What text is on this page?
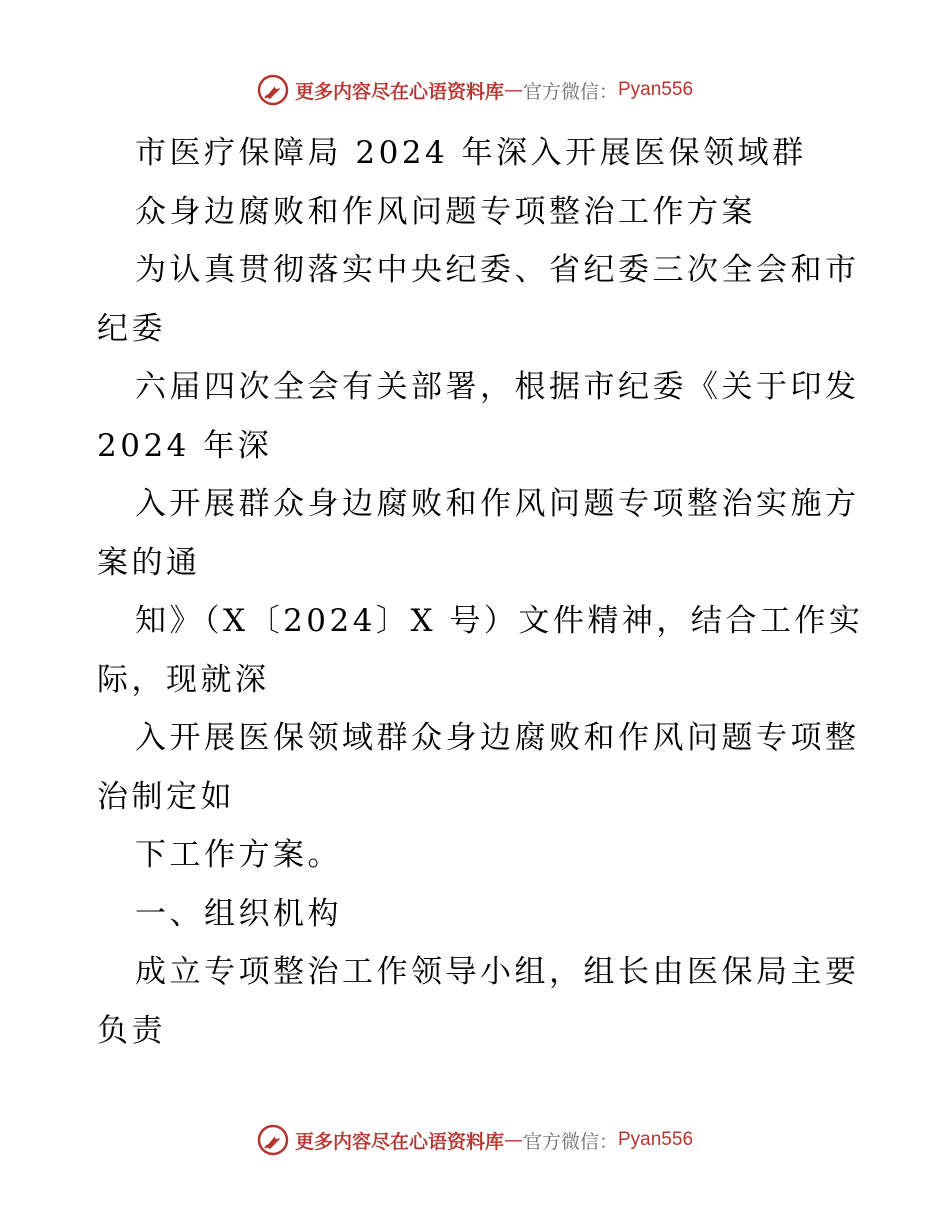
更多内容尽在心语资料库 — 官方微信： Pyan556
市医疗保障局 2024 年深入开展医保领域群
众身边腐败和作风问题专项整治工作方案
为认真贯彻落实中央纪委、省纪委三次全会和市
纪委
六届四次全会有关部署，根据市纪委《关于印发
2024 年深
入开展群众身边腐败和作风问题专项整治实施方
案的通
知》（X〔2024〕X 号）文件精神，结合工作实
际，现就深
入开展医保领域群众身边腐败和作风问题专项整
治制定如
下工作方案。
一、组织机构
成立专项整治工作领导小组，组长由医保局主要
负责
更多内容尽在心语资料库 — 官方微信： Pyan556
